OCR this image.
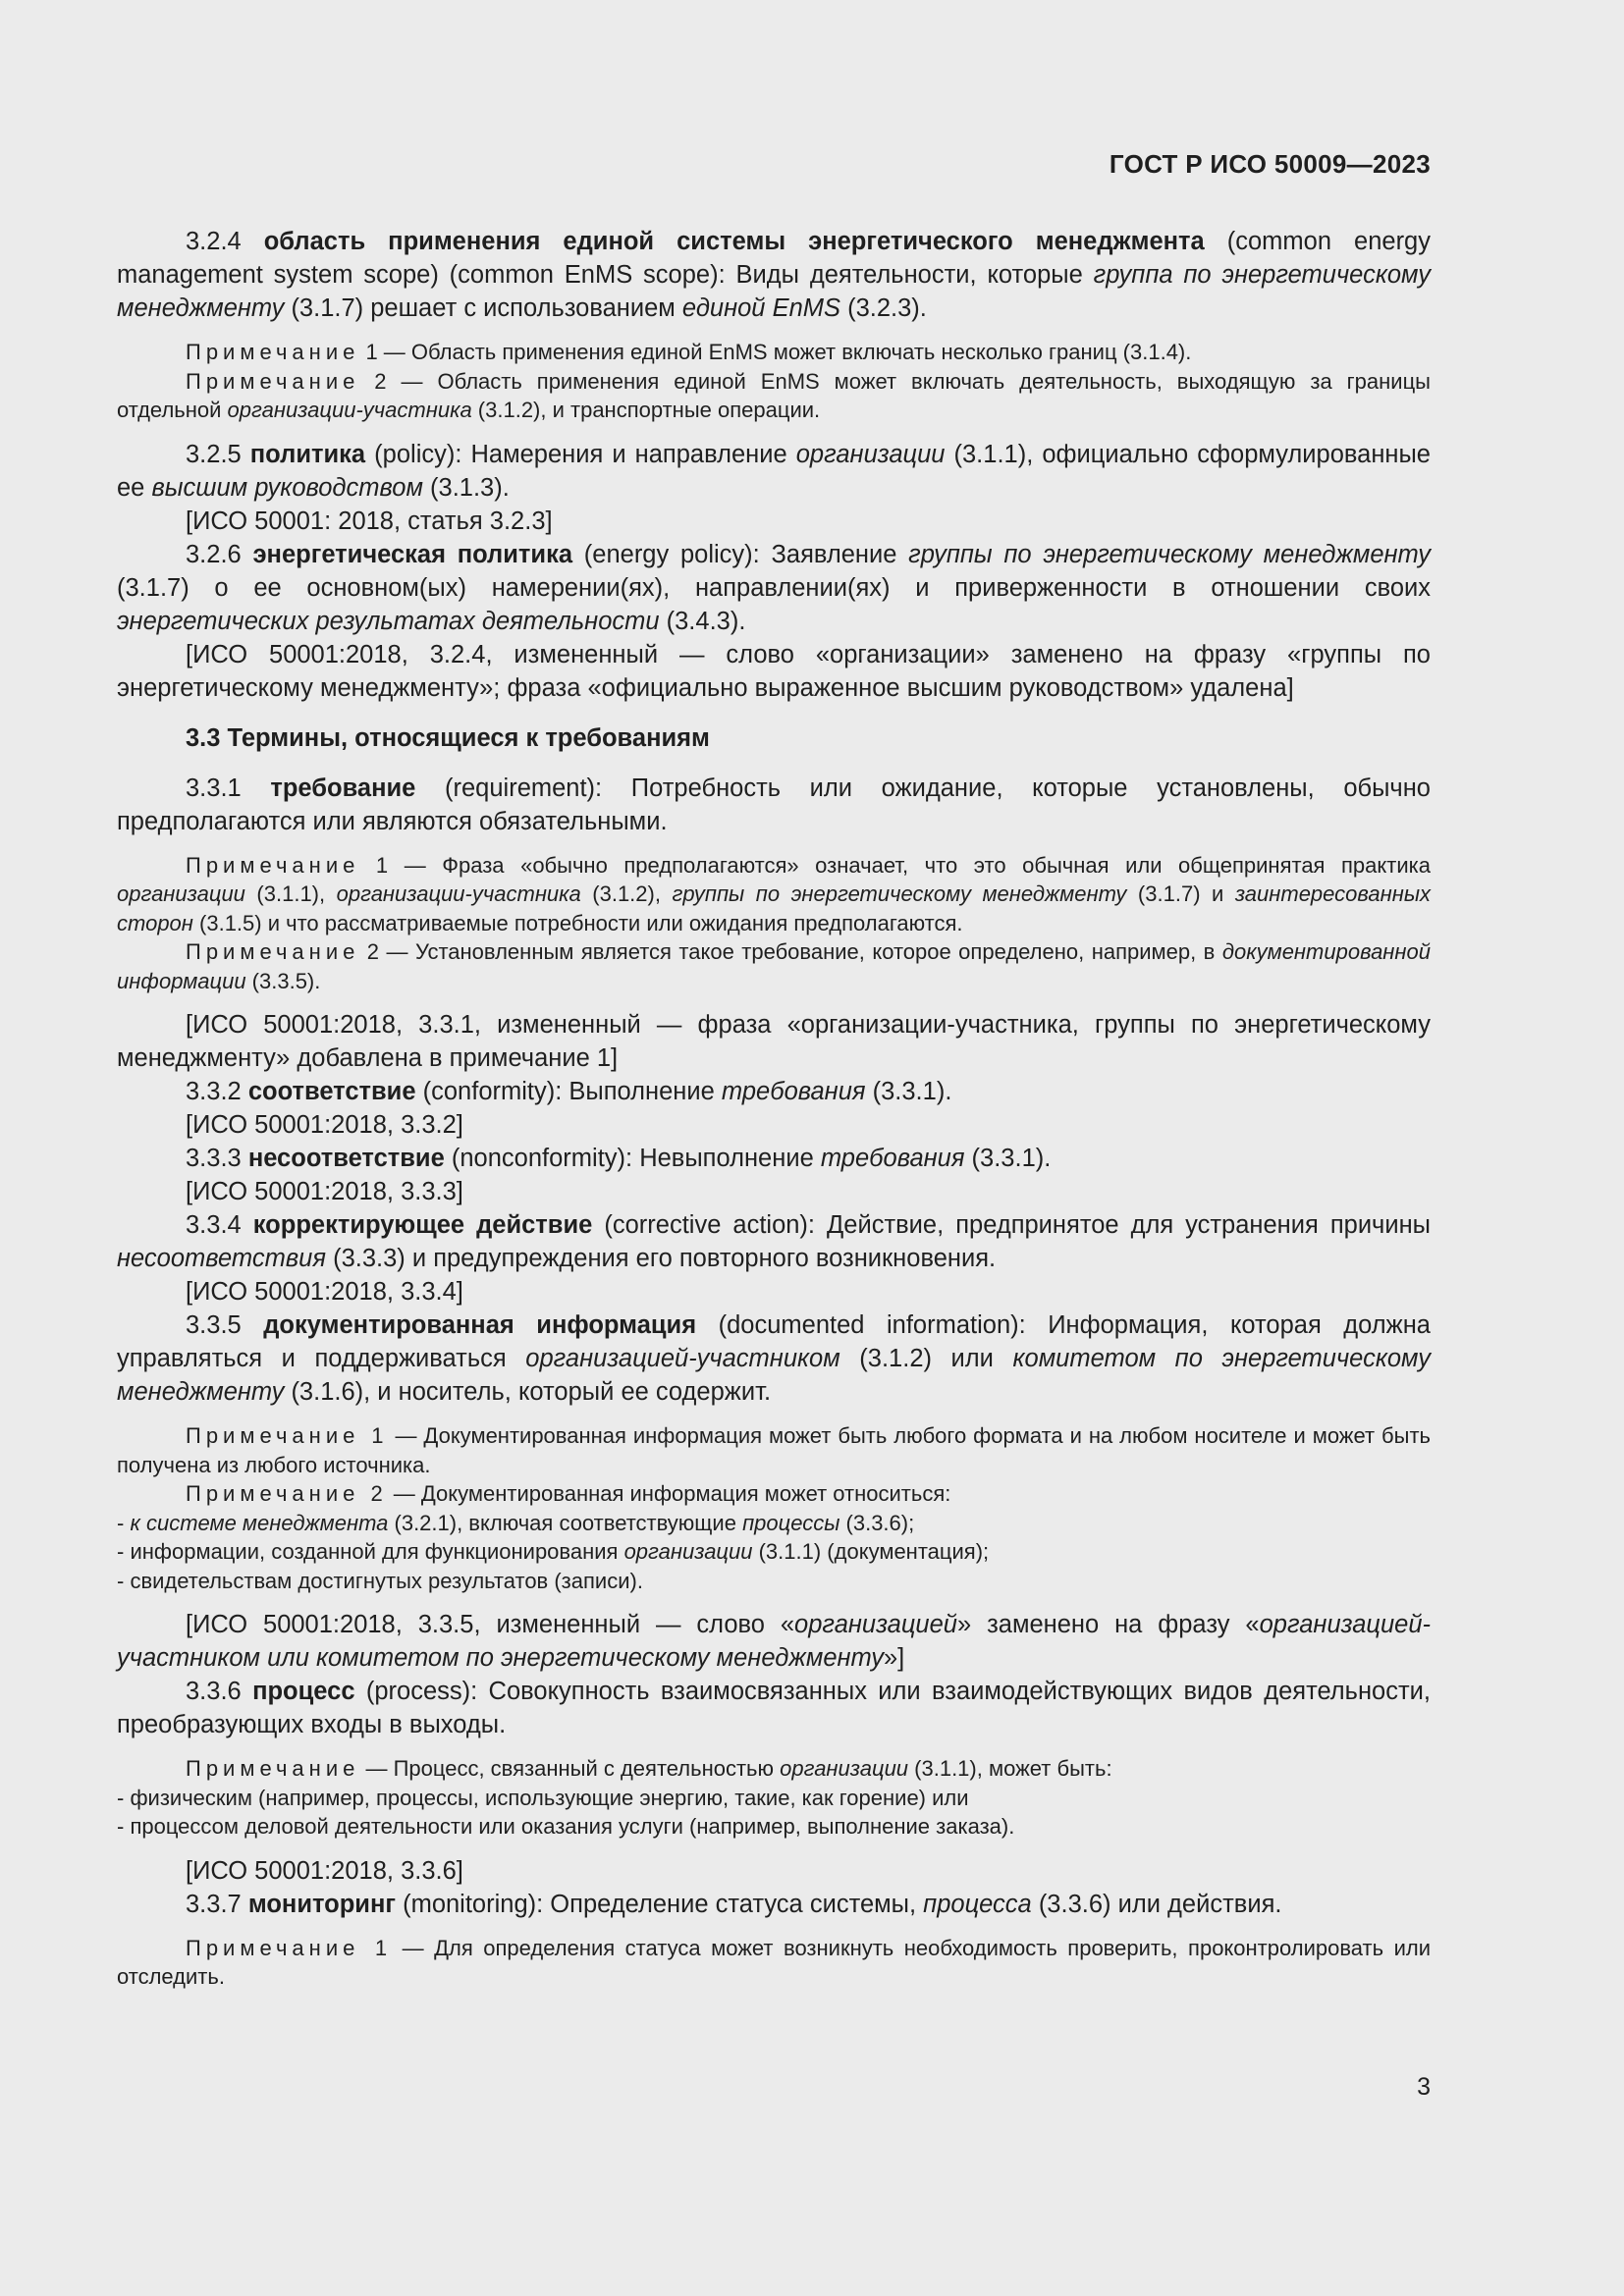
ГОСТ Р ИСО 50009—2023

3.2.4 область применения единой системы энергетического менеджмента (common energy management system scope) (common EnMS scope): Виды деятельности, которые группа по энергетическому менеджменту (3.1.7) решает с использованием единой EnMS (3.2.3).

Примечание 1 — Область применения единой EnMS может включать несколько границ (3.1.4).

Примечание 2 — Область применения единой EnMS может включать деятельность, выходящую за границы отдельной организации-участника (3.1.2), и транспортные операции.

3.2.5 политика (policy): Намерения и направление организации (3.1.1), официально сформулированные ее высшим руководством (3.1.3).

[ИСО 50001: 2018, статья 3.2.3]

3.2.6 энергетическая политика (energy policy): Заявление группы по энергетическому менеджменту (3.1.7) о ее основном(ых) намерении(ях), направлении(ях) и приверженности в отношении своих энергетических результатах деятельности (3.4.3).

[ИСО 50001:2018, 3.2.4, измененный — слово «организации» заменено на фразу «группы по энергетическому менеджменту»; фраза «официально выраженное высшим руководством» удалена]

3.3 Термины, относящиеся к требованиям

3.3.1 требование (requirement): Потребность или ожидание, которые установлены, обычно предполагаются или являются обязательными.

Примечание 1 — Фраза «обычно предполагаются» означает, что это обычная или общепринятая практика организации (3.1.1), организации-участника (3.1.2), группы по энергетическому менеджменту (3.1.7) и заинтересованных сторон (3.1.5) и что рассматриваемые потребности или ожидания предполагаются.

Примечание 2 — Установленным является такое требование, которое определено, например, в документированной информации (3.3.5).

[ИСО 50001:2018, 3.3.1, измененный — фраза «организации-участника, группы по энергетическому менеджменту» добавлена в примечание 1]

3.3.2 соответствие (conformity): Выполнение требования (3.3.1).

[ИСО 50001:2018, 3.3.2]

3.3.3 несоответствие (nonconformity): Невыполнение требования (3.3.1).

[ИСО 50001:2018, 3.3.3]

3.3.4 корректирующее действие (corrective action): Действие, предпринятое для устранения причины несоответствия (3.3.3) и предупреждения его повторного возникновения.

[ИСО 50001:2018, 3.3.4]

3.3.5 документированная информация (documented information): Информация, которая должна управляться и поддерживаться организацией-участником (3.1.2) или комитетом по энергетическому менеджменту (3.1.6), и носитель, который ее содержит.

Примечание 1 — Документированная информация может быть любого формата и на любом носителе и может быть получена из любого источника.

Примечание 2 — Документированная информация может относиться:

- к системе менеджмента (3.2.1), включая соответствующие процессы (3.3.6);

- информации, созданной для функционирования организации (3.1.1) (документация);

- свидетельствам достигнутых результатов (записи).

[ИСО 50001:2018, 3.3.5, измененный — слово «организацией» заменено на фразу «организацией-участником или комитетом по энергетическому менеджменту»]

3.3.6 процесс (process): Совокупность взаимосвязанных или взаимодействующих видов деятельности, преобразующих входы в выходы.

Примечание — Процесс, связанный с деятельностью организации (3.1.1), может быть:

- физическим (например, процессы, использующие энергию, такие, как горение) или

- процессом деловой деятельности или оказания услуги (например, выполнение заказа).

[ИСО 50001:2018, 3.3.6]

3.3.7 мониторинг (monitoring): Определение статуса системы, процесса (3.3.6) или действия.

Примечание 1 — Для определения статуса может возникнуть необходимость проверить, проконтролировать или отследить.

3
